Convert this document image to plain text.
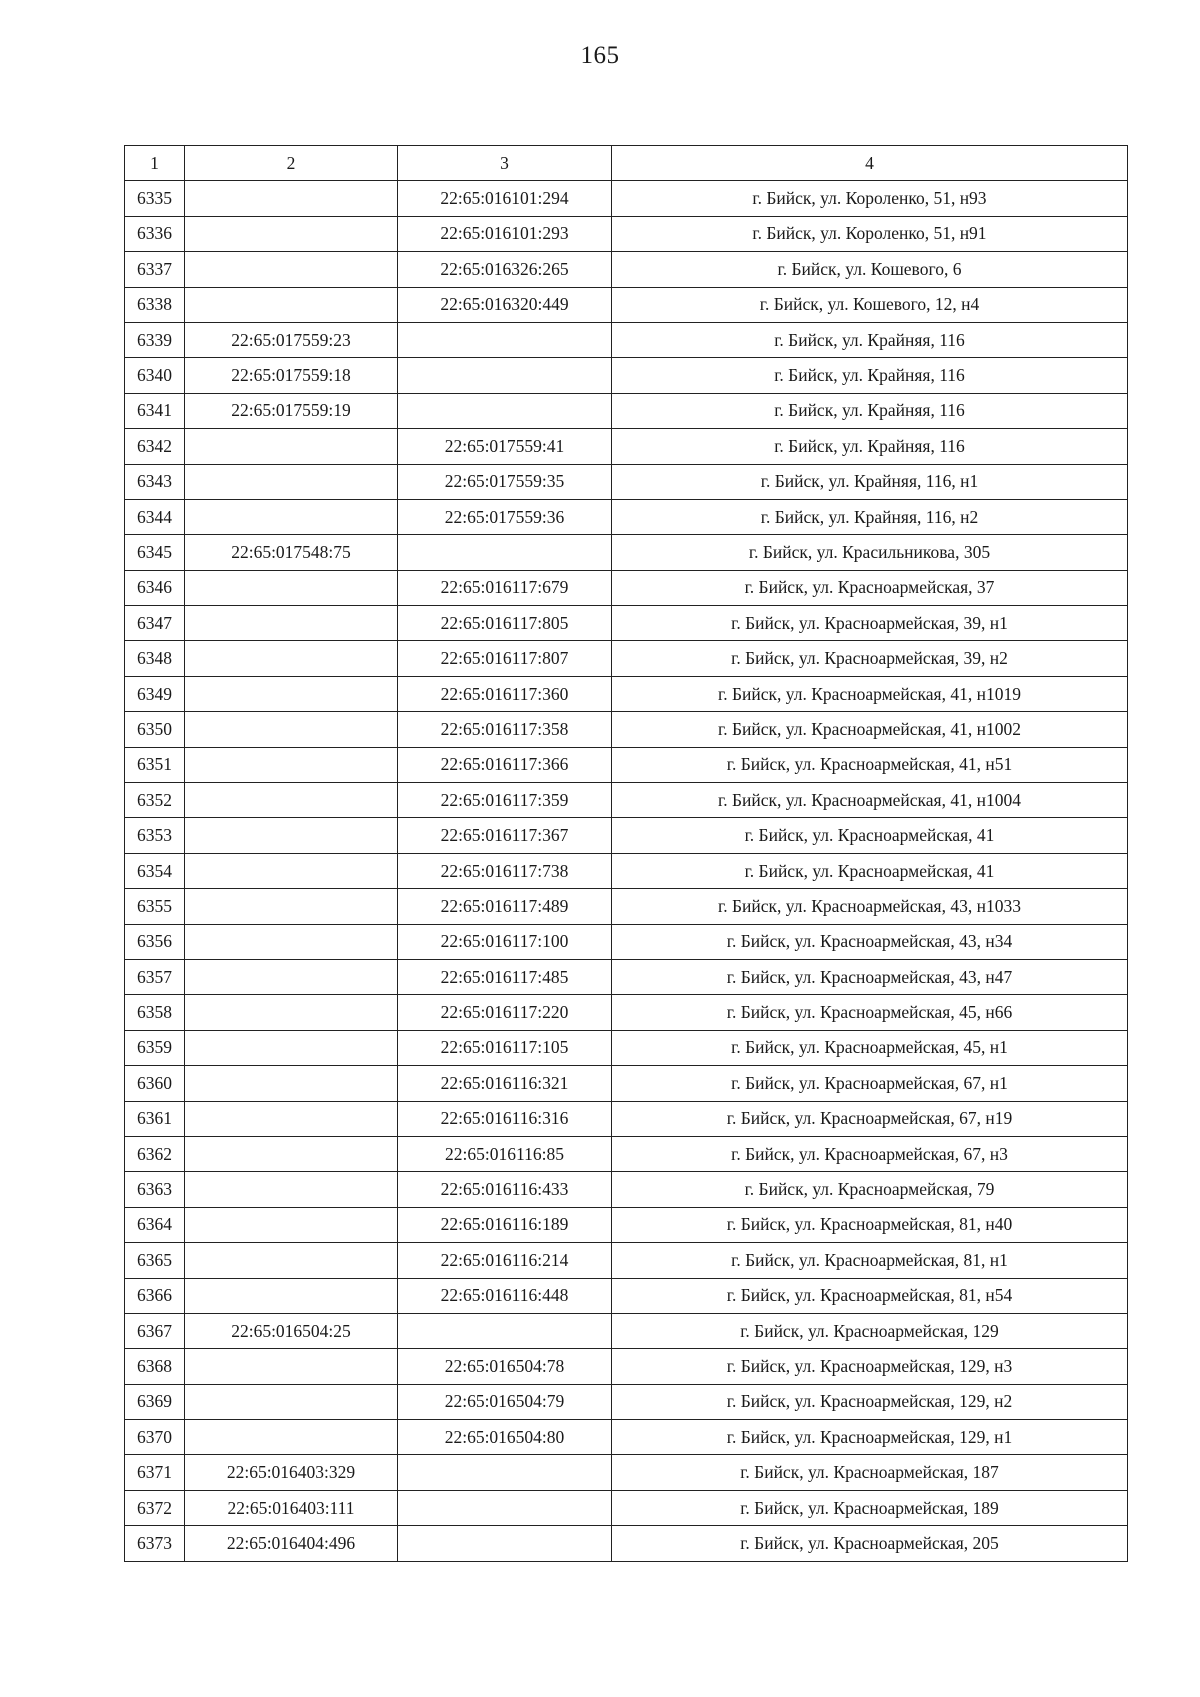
165
1	2	3	4
6335		22:65:016101:294	г. Бийск, ул. Короленко, 51, н93
6336		22:65:016101:293	г. Бийск, ул. Короленко, 51, н91
6337		22:65:016326:265	г. Бийск, ул. Кошевого, 6
6338		22:65:016320:449	г. Бийск, ул. Кошевого, 12, н4
6339	22:65:017559:23		г. Бийск, ул. Крайняя, 116
6340	22:65:017559:18		г. Бийск, ул. Крайняя, 116
6341	22:65:017559:19		г. Бийск, ул. Крайняя, 116
6342		22:65:017559:41	г. Бийск, ул. Крайняя, 116
6343		22:65:017559:35	г. Бийск, ул. Крайняя, 116, н1
6344		22:65:017559:36	г. Бийск, ул. Крайняя, 116, н2
6345	22:65:017548:75		г. Бийск, ул. Красильникова, 305
6346		22:65:016117:679	г. Бийск, ул. Красноармейская, 37
6347		22:65:016117:805	г. Бийск, ул. Красноармейская, 39, н1
6348		22:65:016117:807	г. Бийск, ул. Красноармейская, 39, н2
6349		22:65:016117:360	г. Бийск, ул. Красноармейская, 41, н1019
6350		22:65:016117:358	г. Бийск, ул. Красноармейская, 41, н1002
6351		22:65:016117:366	г. Бийск, ул. Красноармейская, 41, н51
6352		22:65:016117:359	г. Бийск, ул. Красноармейская, 41, н1004
6353		22:65:016117:367	г. Бийск, ул. Красноармейская, 41
6354		22:65:016117:738	г. Бийск, ул. Красноармейская, 41
6355		22:65:016117:489	г. Бийск, ул. Красноармейская, 43, н1033
6356		22:65:016117:100	г. Бийск, ул. Красноармейская, 43, н34
6357		22:65:016117:485	г. Бийск, ул. Красноармейская, 43, н47
6358		22:65:016117:220	г. Бийск, ул. Красноармейская, 45, н66
6359		22:65:016117:105	г. Бийск, ул. Красноармейская, 45, н1
6360		22:65:016116:321	г. Бийск, ул. Красноармейская, 67, н1
6361		22:65:016116:316	г. Бийск, ул. Красноармейская, 67, н19
6362		22:65:016116:85	г. Бийск, ул. Красноармейская, 67, н3
6363		22:65:016116:433	г. Бийск, ул. Красноармейская, 79
6364		22:65:016116:189	г. Бийск, ул. Красноармейская, 81, н40
6365		22:65:016116:214	г. Бийск, ул. Красноармейская, 81, н1
6366		22:65:016116:448	г. Бийск, ул. Красноармейская, 81, н54
6367	22:65:016504:25		г. Бийск, ул. Красноармейская, 129
6368		22:65:016504:78	г. Бийск, ул. Красноармейская, 129, н3
6369		22:65:016504:79	г. Бийск, ул. Красноармейская, 129, н2
6370		22:65:016504:80	г. Бийск, ул. Красноармейская, 129, н1
6371	22:65:016403:329		г. Бийск, ул. Красноармейская, 187
6372	22:65:016403:111		г. Бийск, ул. Красноармейская, 189
6373	22:65:016404:496		г. Бийск, ул. Красноармейская, 205
